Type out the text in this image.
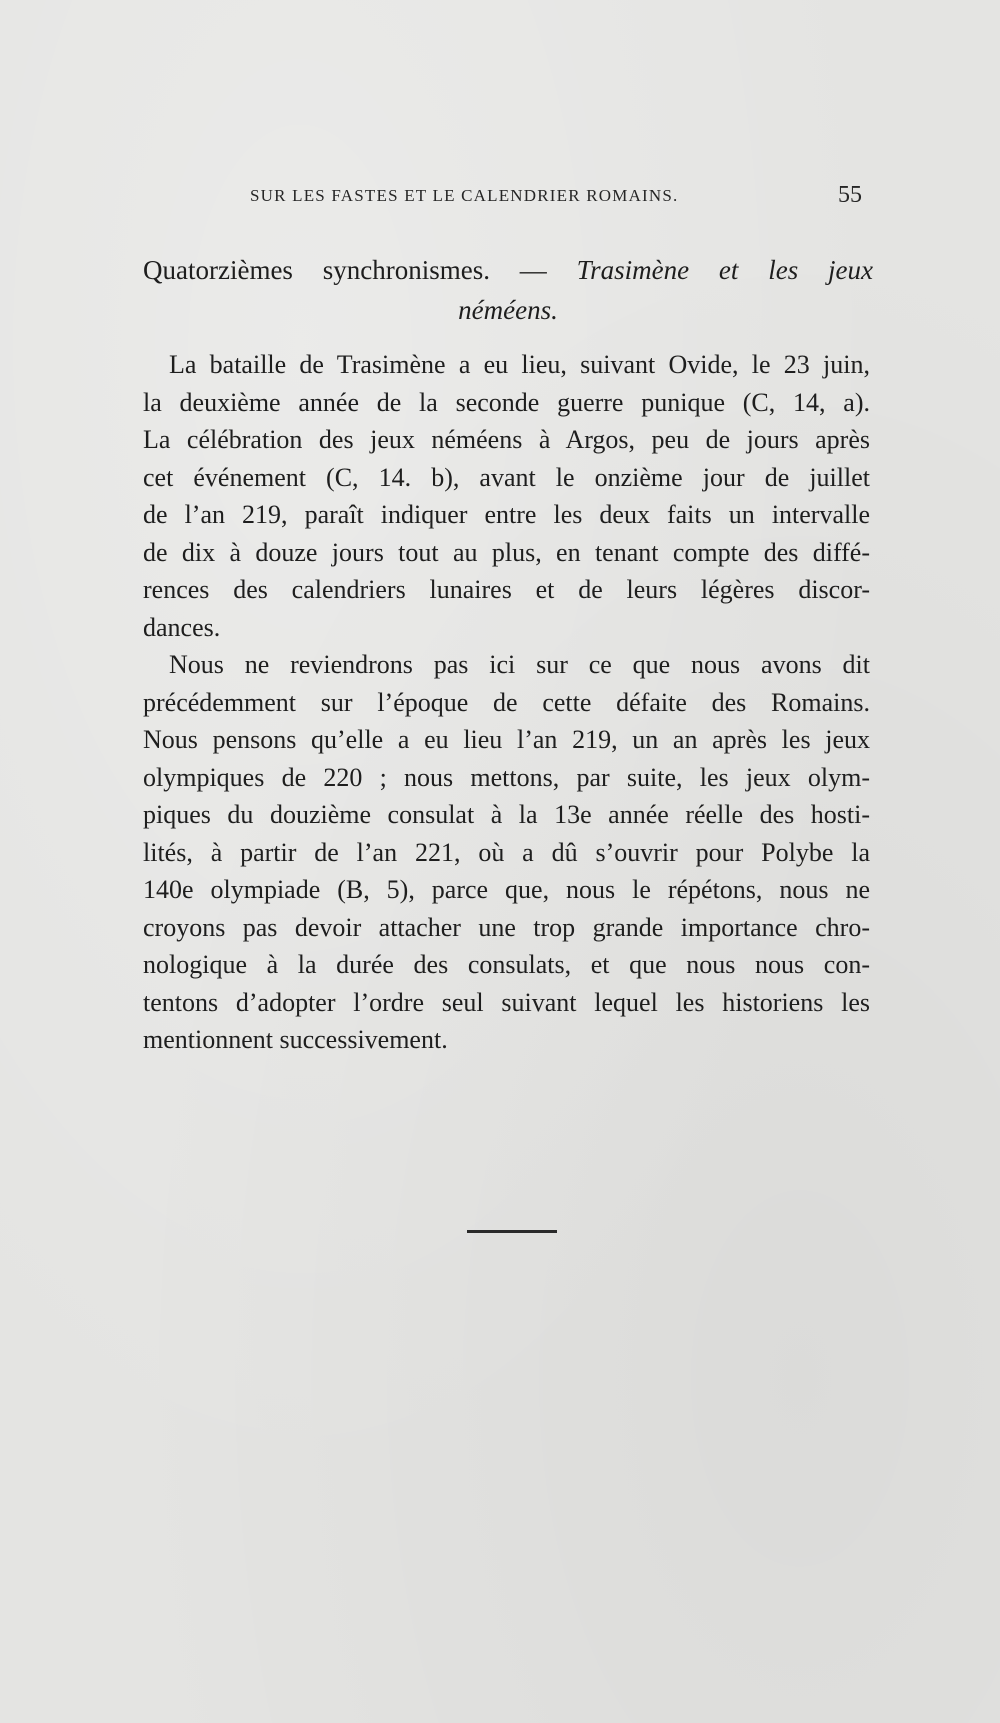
SUR LES FASTES ET LE CALENDRIER ROMAINS.	55
Quatorzièmes synchronismes. — Trasimène et les jeux
néméens.
La bataille de Trasimène a eu lieu, suivant Ovide, le 23 juin,
la deuxième année de la seconde guerre punique (C, 14, a).
La célébration des jeux néméens à Argos, peu de jours après
cet événement (C, 14. b), avant le onzième jour de juillet
de l’an 219, paraît indiquer entre les deux faits un intervalle
de dix à douze jours tout au plus, en tenant compte des diffé-
rences des calendriers lunaires et de leurs légères discor-
dances.
Nous ne reviendrons pas ici sur ce que nous avons dit
précédemment sur l’époque de cette défaite des Romains.
Nous pensons qu’elle a eu lieu l’an 219, un an après les jeux
olympiques de 220 ; nous mettons, par suite, les jeux olym-
piques du douzième consulat à la 13e année réelle des hosti-
lités, à partir de l’an 221, où a dû s’ouvrir pour Polybe la
140e olympiade (B, 5), parce que, nous le répétons, nous ne
croyons pas devoir attacher une trop grande importance chro-
nologique à la durée des consulats, et que nous nous con-
tentons d’adopter l’ordre seul suivant lequel les historiens les
mentionnent successivement.
